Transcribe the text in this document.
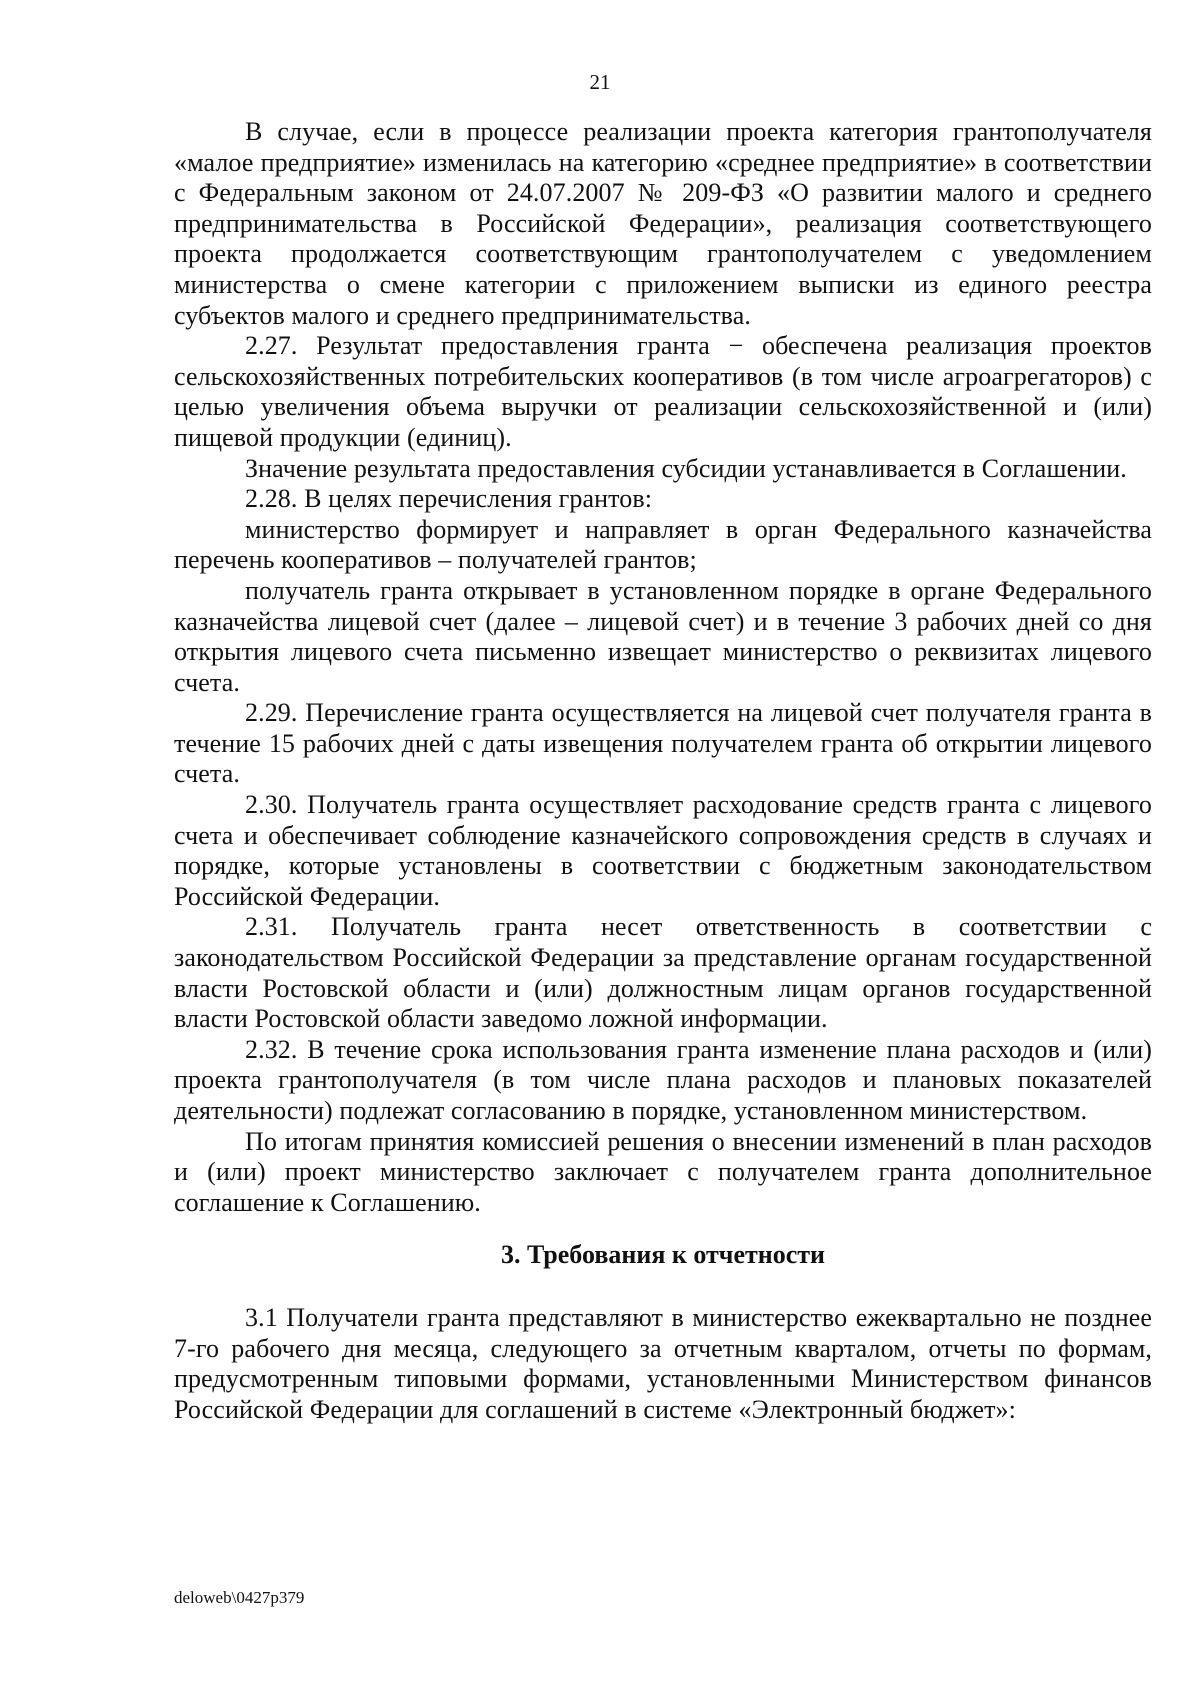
21

В случае, если в процессе реализации проекта категория грантополучателя «малое предприятие» изменилась на категорию «среднее предприятие» в соответствии с Федеральным законом от 24.07.2007 № 209-ФЗ «О развитии малого и среднего предпринимательства в Российской Федерации», реализация соответствующего проекта продолжается соответствующим грантополучателем с уведомлением министерства о смене категории с приложением выписки из единого реестра субъектов малого и среднего предпринимательства.

2.27. Результат предоставления гранта − обеспечена реализация проектов сельскохозяйственных потребительских кооперативов (в том числе агроагрегаторов) с целью увеличения объема выручки от реализации сельскохозяйственной и (или) пищевой продукции (единиц).

Значение результата предоставления субсидии устанавливается в Соглашении.

2.28. В целях перечисления грантов:

министерство формирует и направляет в орган Федерального казначейства перечень кооперативов – получателей грантов;

получатель гранта открывает в установленном порядке в органе Федерального казначейства лицевой счет (далее – лицевой счет) и в течение 3 рабочих дней со дня открытия лицевого счета письменно извещает министерство о реквизитах лицевого счета.

2.29. Перечисление гранта осуществляется на лицевой счет получателя гранта в течение 15 рабочих дней с даты извещения получателем гранта об открытии лицевого счета.

2.30. Получатель гранта осуществляет расходование средств гранта с лицевого счета и обеспечивает соблюдение казначейского сопровождения средств в случаях и порядке, которые установлены в соответствии с бюджетным законодательством Российской Федерации.

2.31. Получатель гранта несет ответственность в соответствии с законодательством Российской Федерации за представление органам государственной власти Ростовской области и (или) должностным лицам органов государственной власти Ростовской области заведомо ложной информации.

2.32. В течение срока использования гранта изменение плана расходов и (или) проекта грантополучателя (в том числе плана расходов и плановых показателей деятельности) подлежат согласованию в порядке, установленном министерством.

По итогам принятия комиссией решения о внесении изменений в план расходов и (или) проект министерство заключает с получателем гранта дополнительное соглашение к Соглашению.

3. Требования к отчетности

3.1 Получатели гранта представляют в министерство ежеквартально не позднее 7-го рабочего дня месяца, следующего за отчетным кварталом, отчеты по формам, предусмотренным типовыми формами, установленными Министерством финансов Российской Федерации для соглашений в системе «Электронный бюджет»:

deloweb\0427p379
